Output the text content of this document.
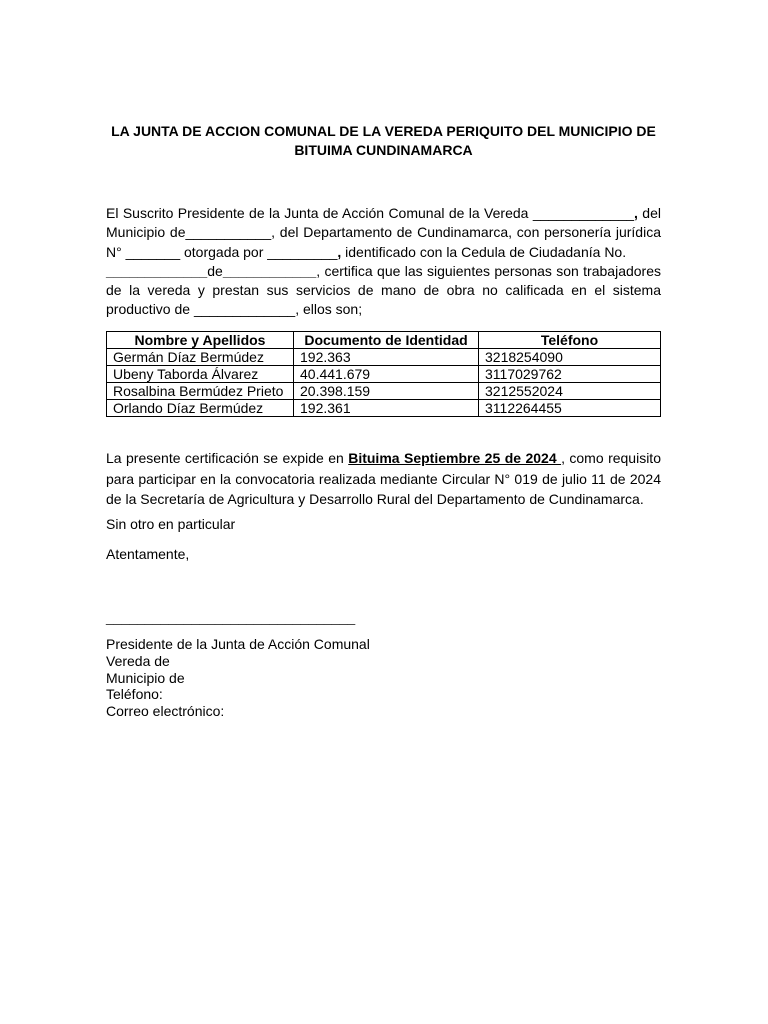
LA JUNTA DE ACCION COMUNAL DE LA VEREDA PERIQUITO DEL MUNICIPIO DE
BITUIMA CUNDINAMARCA
El Suscrito Presidente de la Junta de Acción Comunal de la Vereda _____________, del Municipio de___________, del Departamento de Cundinamarca, con personería jurídica N° _______ otorgada por _________, identificado con la Cedula de Ciudadanía No.
_____________de____________, certifica que las siguientes personas son trabajadores de la vereda y prestan sus servicios de mano de obra no calificada en el sistema productivo de _____________, ellos son;
Nombre y Apellidos	Documento de Identidad	Teléfono
Germán Díaz Bermúdez	192.363	3218254090
Ubeny Taborda Álvarez	40.441.679	3117029762
Rosalbina Bermúdez Prieto	20.398.159	3212552024
Orlando Díaz Bermúdez	192.361	3112264455
La presente certificación se expide en Bituima Septiembre 25 de 2024 , como requisito para participar en la convocatoria realizada mediante Circular N° 019 de julio 11 de 2024 de la Secretaría de Agricultura y Desarrollo Rural del Departamento de Cundinamarca.
Sin otro en particular
Atentamente,
________________________________
Presidente de la Junta de Acción Comunal
Vereda de
Municipio de
Teléfono:
Correo electrónico:
